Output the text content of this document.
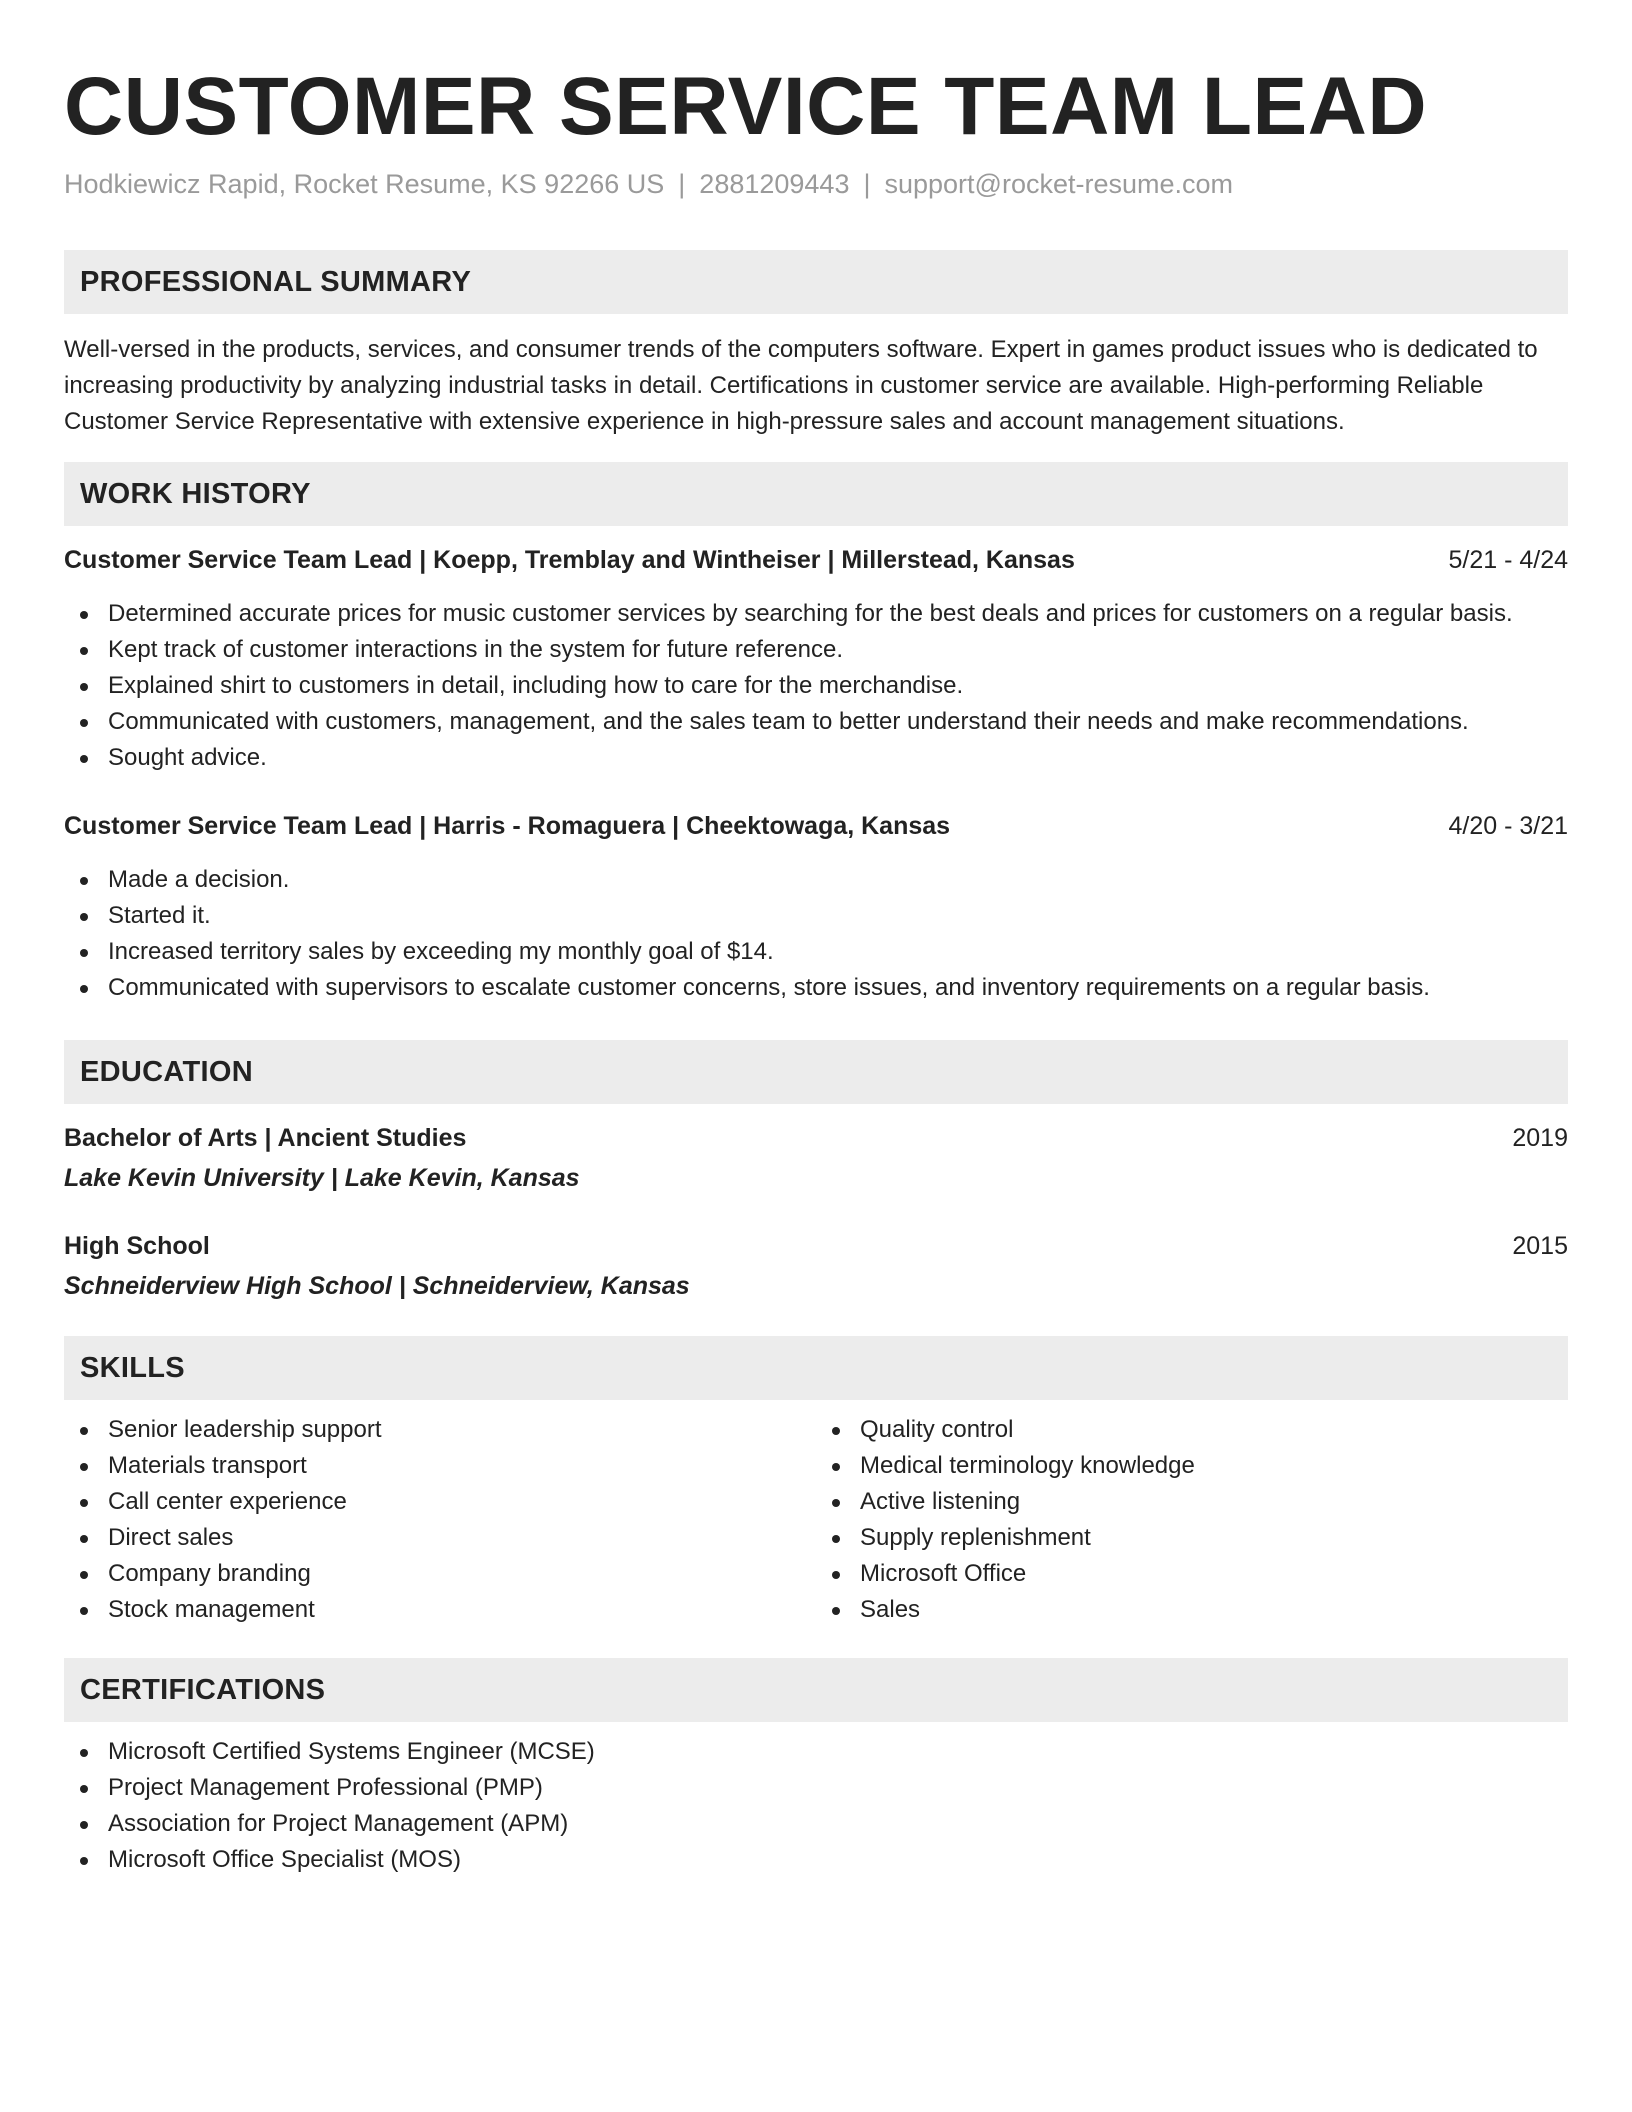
CUSTOMER SERVICE TEAM LEAD
Hodkiewicz Rapid, Rocket Resume, KS 92266 US | 2881209443 | support@rocket-resume.com
PROFESSIONAL SUMMARY
Well-versed in the products, services, and consumer trends of the computers software. Expert in games product issues who is dedicated to increasing productivity by analyzing industrial tasks in detail. Certifications in customer service are available. High-performing Reliable Customer Service Representative with extensive experience in high-pressure sales and account management situations.
WORK HISTORY
Customer Service Team Lead | Koepp, Tremblay and Wintheiser | Millerstead, Kansas	5/21 - 4/24
Determined accurate prices for music customer services by searching for the best deals and prices for customers on a regular basis.
Kept track of customer interactions in the system for future reference.
Explained shirt to customers in detail, including how to care for the merchandise.
Communicated with customers, management, and the sales team to better understand their needs and make recommendations.
Sought advice.
Customer Service Team Lead | Harris - Romaguera | Cheektowaga, Kansas	4/20 - 3/21
Made a decision.
Started it.
Increased territory sales by exceeding my monthly goal of $14.
Communicated with supervisors to escalate customer concerns, store issues, and inventory requirements on a regular basis.
EDUCATION
Bachelor of Arts | Ancient Studies	2019
Lake Kevin University | Lake Kevin, Kansas
High School	2015
Schneiderview High School | Schneiderview, Kansas
SKILLS
Senior leadership support
Materials transport
Call center experience
Direct sales
Company branding
Stock management
Quality control
Medical terminology knowledge
Active listening
Supply replenishment
Microsoft Office
Sales
CERTIFICATIONS
Microsoft Certified Systems Engineer (MCSE)
Project Management Professional (PMP)
Association for Project Management (APM)
Microsoft Office Specialist (MOS)
